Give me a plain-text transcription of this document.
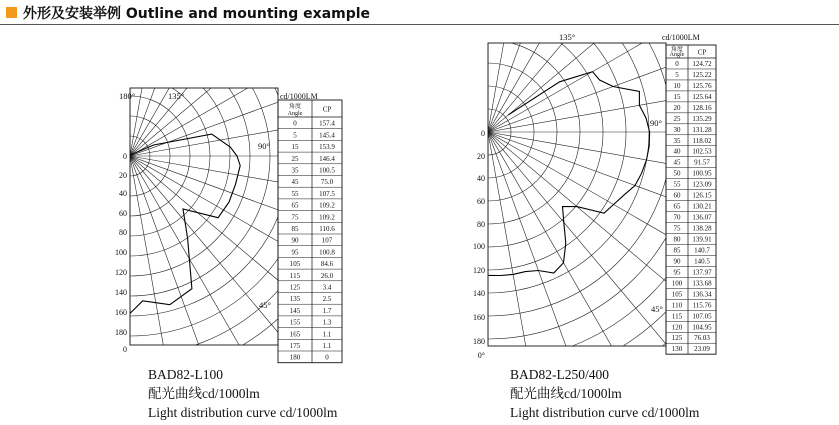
外形及安装举例 Outline and mounting example
角度
Angle
CP
0	157.4
5	145.4
15	153.9
25	146.4
35	100.5
45	75.0
55	107.5
65	109.2
75	109.2
85	110.6
90	107
95	100.8
105	84.6
115	26.0
125	3.4
135	2.5
145	1.7
155	1.3
165	1.1
175	1.1
180	0
180°	135°
90°
45°
cd/1000LM
0
20
40
60
80
100
120
140
160
180
0
BAD82-L100
配光曲线cd/1000lm
Light distribution curve cd/1000lm
角度
Angle CP
0 124.72
5 125.22
10 125.76
15 125.64
20 128.16
25 135.29
30 131.28
35 118.02
40 102.53
45 91.57
50 100.95
55 123.09
60 126.15
65 130.21
70 136.07
75 138.28
80 139.91
85 140.7
90 140.5
95 137.97
100 133.68
105 136.34
110 115.76
115 107.05
120 104.95
125 76.03
130 23.09
135°
90°
45°
cd/1000LM
0
20
40
60
80
100
120
140
160
180
0°
BAD82-L250/400
配光曲线cd/1000lm
Light distribution curve cd/1000lm
